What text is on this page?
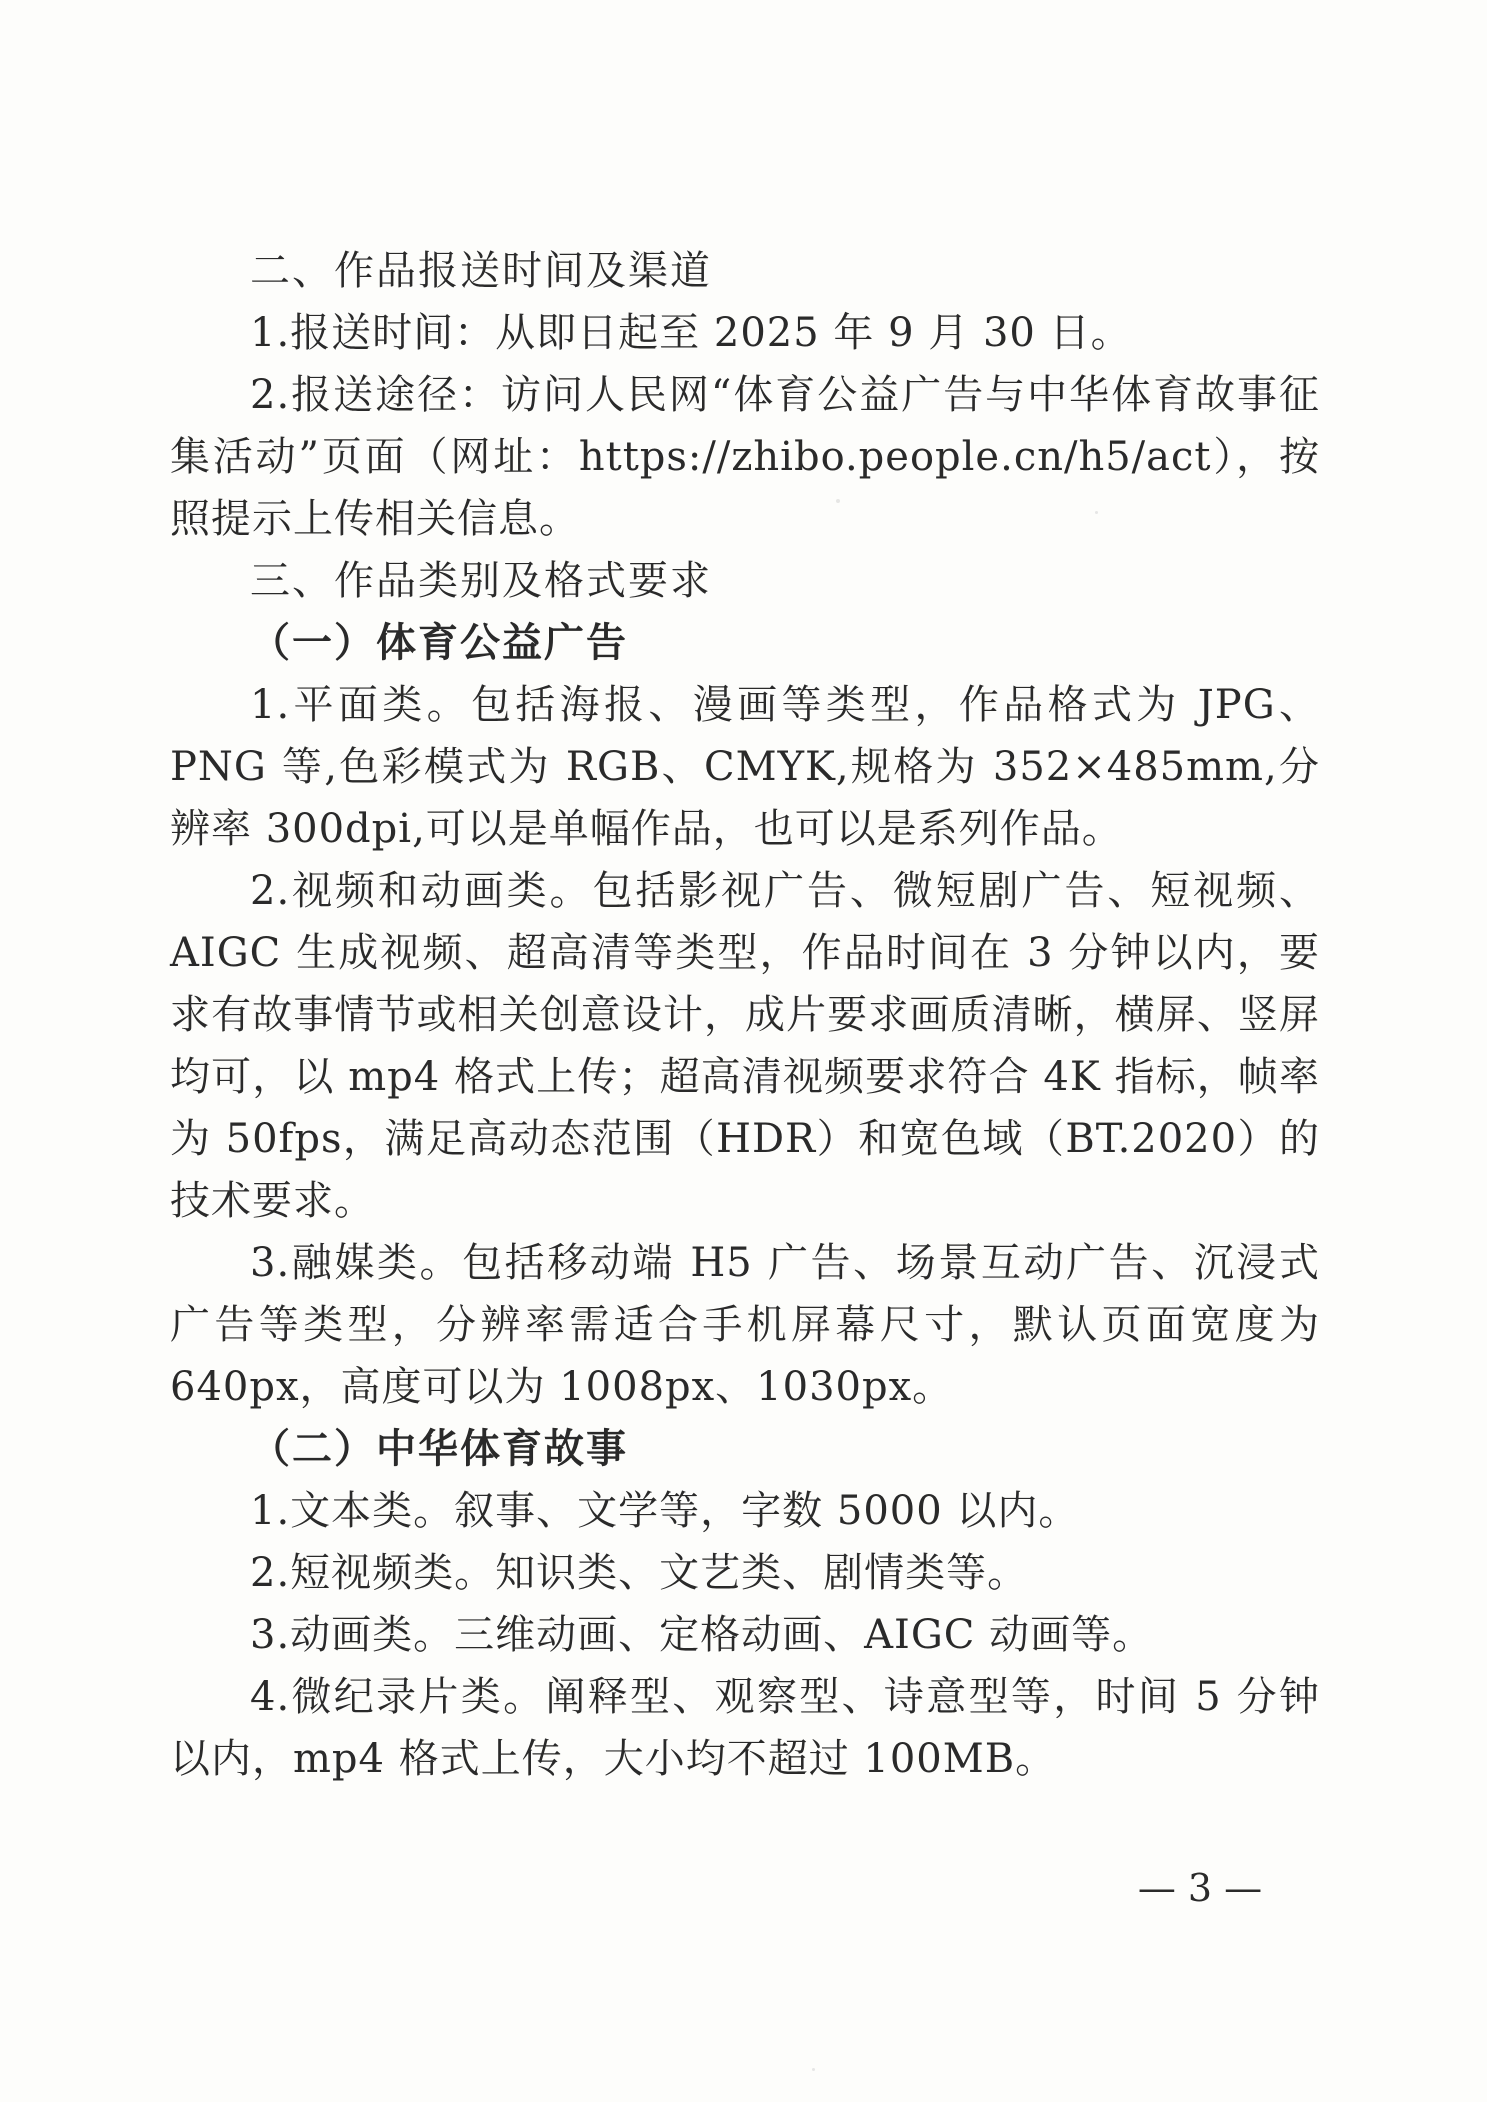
二、作品报送时间及渠道

1.报送时间：从即日起至 2025 年 9 月 30 日。

2.报送途径：访问人民网“体育公益广告与中华体育故事征集活动”页面（网址：https://zhibo.people.cn/h5/act），按照提示上传相关信息。

三、作品类别及格式要求

（一）体育公益广告

1.平面类。包括海报、漫画等类型，作品格式为 JPG、PNG 等,色彩模式为 RGB、CMYK,规格为 352×485mm,分辨率 300dpi,可以是单幅作品，也可以是系列作品。

2.视频和动画类。包括影视广告、微短剧广告、短视频、AIGC 生成视频、超高清等类型，作品时间在 3 分钟以内，要求有故事情节或相关创意设计，成片要求画质清晰，横屏、竖屏均可，以 mp4 格式上传；超高清视频要求符合 4K 指标，帧率为 50fps，满足高动态范围（HDR）和宽色域（BT.2020）的技术要求。

3.融媒类。包括移动端 H5 广告、场景互动广告、沉浸式广告等类型，分辨率需适合手机屏幕尺寸，默认页面宽度为 640px，高度可以为 1008px、1030px。

（二）中华体育故事

1.文本类。叙事、文学等，字数 5000 以内。

2.短视频类。知识类、文艺类、剧情类等。

3.动画类。三维动画、定格动画、AIGC 动画等。

4.微纪录片类。阐释型、观察型、诗意型等，时间 5 分钟以内，mp4 格式上传，大小均不超过 100MB。

— 3 —
